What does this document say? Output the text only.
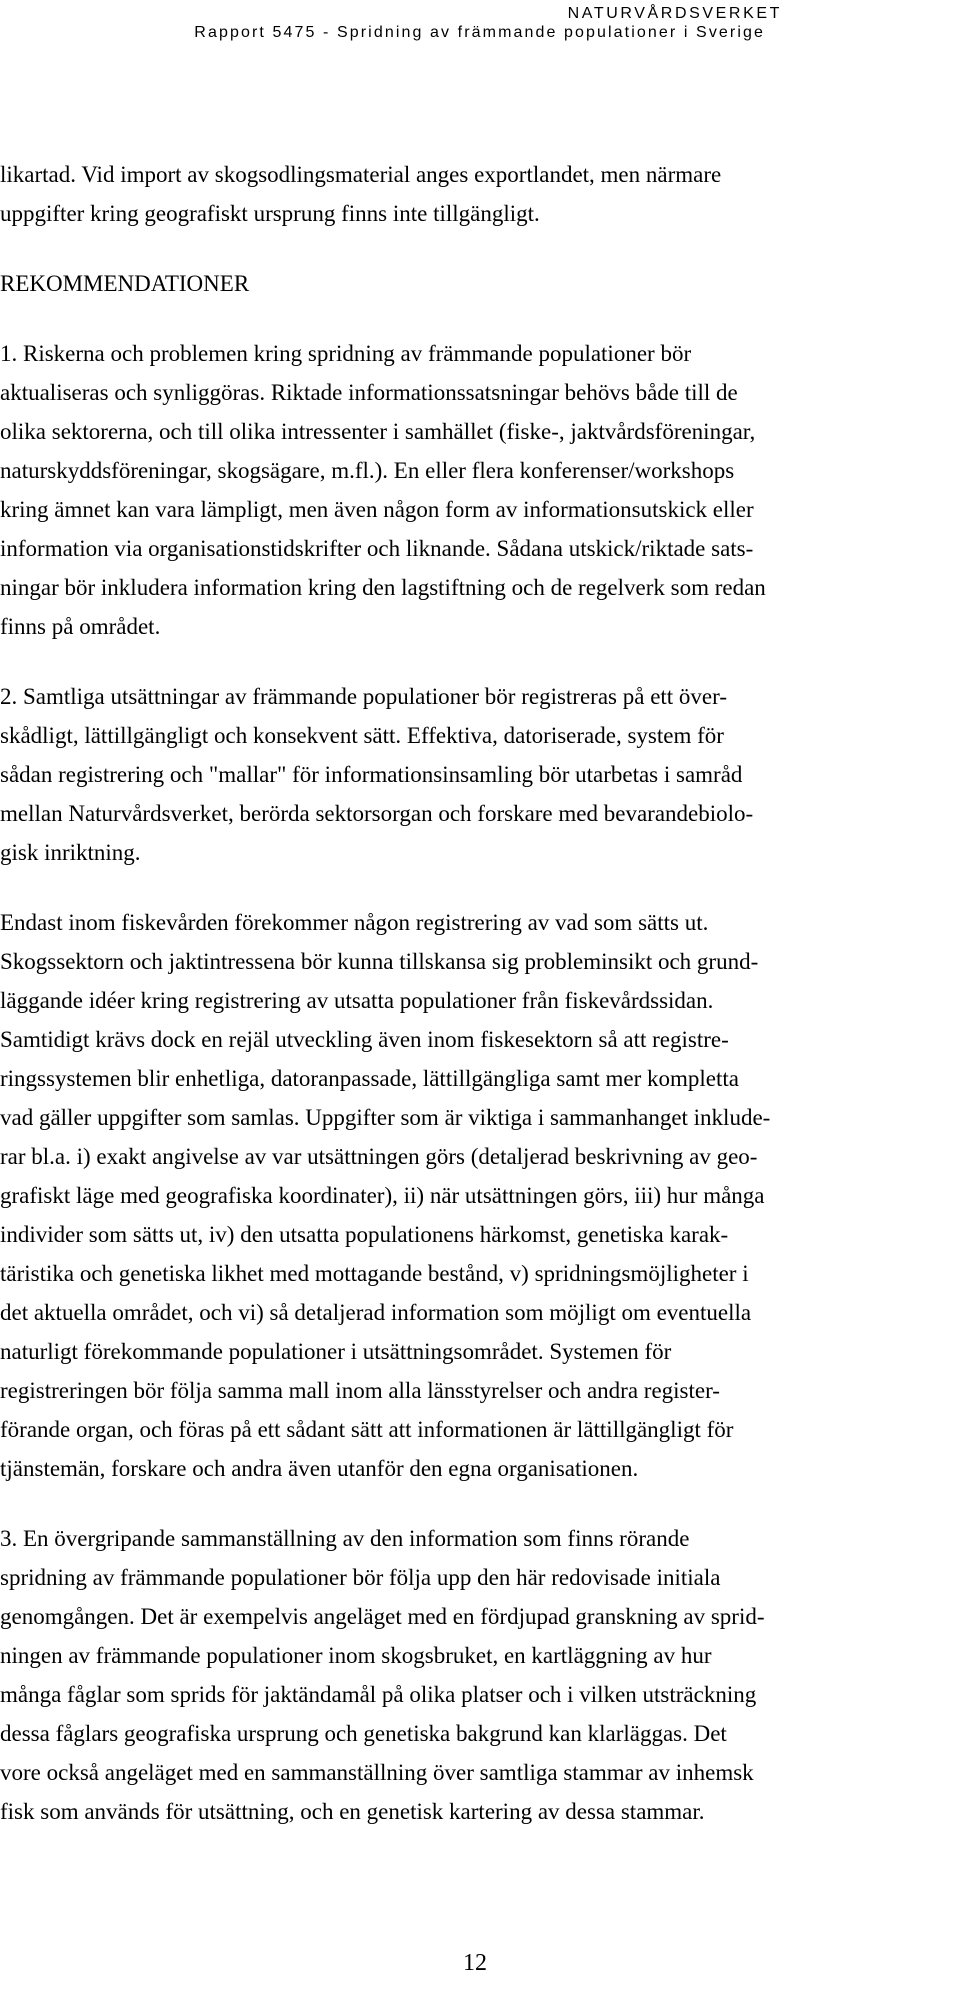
NATURVÅRDSVERKET
Rapport 5475 - Spridning av främmande populationer i Sverige

likartad. Vid import av skogsodlingsmaterial anges exportlandet, men närmare
uppgifter kring geografiskt ursprung finns inte tillgängligt.

REKOMMENDATIONER

1. Riskerna och problemen kring spridning av främmande populationer bör
aktualiseras och synliggöras. Riktade informationssatsningar behövs både till de
olika sektorerna, och till olika intressenter i samhället (fiske-, jaktvårdsföreningar,
naturskyddsföreningar, skogsägare, m.fl.). En eller flera konferenser/workshops
kring ämnet kan vara lämpligt, men även någon form av informationsutskick eller
information via organisationstidskrifter och liknande. Sådana utskick/riktade sats-
ningar bör inkludera information kring den lagstiftning och de regelverk som redan
finns på området.

2. Samtliga utsättningar av främmande populationer bör registreras på ett över-
skådligt, lättillgängligt och konsekvent sätt. Effektiva, datoriserade, system för
sådan registrering och "mallar" för informationsinsamling bör utarbetas i samråd
mellan Naturvårdsverket, berörda sektorsorgan och forskare med bevarandebiolo-
gisk inriktning.

Endast inom fiskevården förekommer någon registrering av vad som sätts ut.
Skogssektorn och jaktintressena bör kunna tillskansa sig probleminsikt och grund-
läggande idéer kring registrering av utsatta populationer från fiskevårdssidan.
Samtidigt krävs dock en rejäl utveckling även inom fiskesektorn så att registre-
ringssystemen blir enhetliga, datoranpassade, lättillgängliga samt mer kompletta
vad gäller uppgifter som samlas. Uppgifter som är viktiga i sammanhanget inklude-
rar bl.a. i) exakt angivelse av var utsättningen görs (detaljerad beskrivning av geo-
grafiskt läge med geografiska koordinater), ii) när utsättningen görs, iii) hur många
individer som sätts ut, iv) den utsatta populationens härkomst, genetiska karak-
täristika och genetiska likhet med mottagande bestånd, v) spridningsmöjligheter i
det aktuella området, och vi) så detaljerad information som möjligt om eventuella
naturligt förekommande populationer i utsättningsområdet. Systemen för
registreringen bör följa samma mall inom alla länsstyrelser och andra register-
förande organ, och föras på ett sådant sätt att informationen är lättillgängligt för
tjänstemän, forskare och andra även utanför den egna organisationen.

3. En övergripande sammanställning av den information som finns rörande
spridning av främmande populationer bör följa upp den här redovisade initiala
genomgången. Det är exempelvis angeläget med en fördjupad granskning av sprid-
ningen av främmande populationer inom skogsbruket, en kartläggning av hur
många fåglar som sprids för jaktändamål på olika platser och i vilken utsträckning
dessa fåglars geografiska ursprung och genetiska bakgrund kan klarläggas. Det
vore också angeläget med en sammanställning över samtliga stammar av inhemsk
fisk som används för utsättning, och en genetisk kartering av dessa stammar.

12
